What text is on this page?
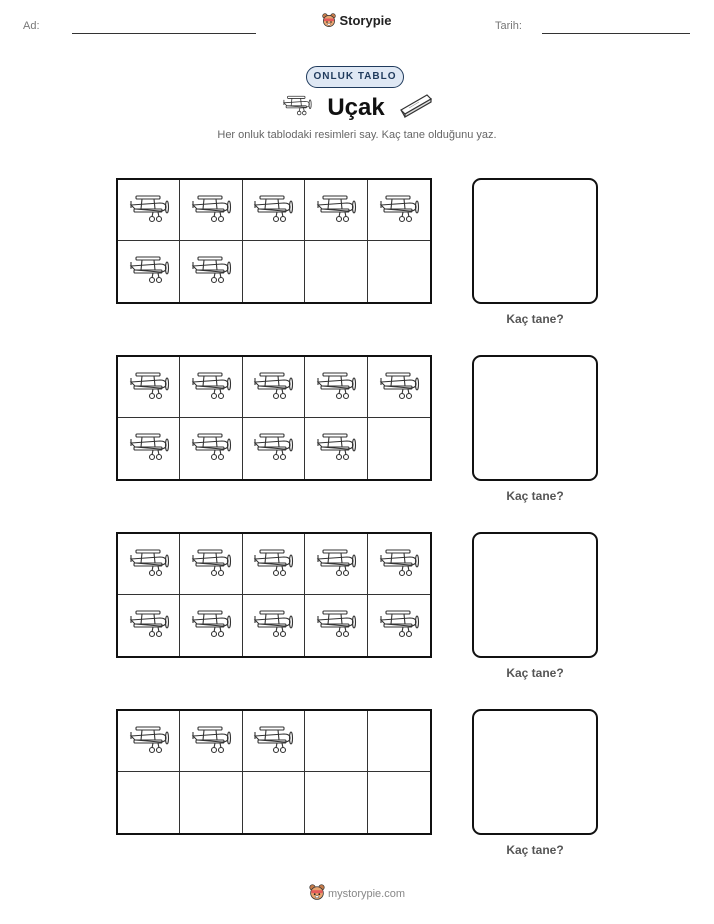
Ad:	Storypie	Tarih:
ONLUK TABLO
Uçak
Her onluk tablodaki resimleri say. Kaç tane olduğunu yaz.
Kaç tane?
Kaç tane?
Kaç tane?
Kaç tane?
mystorypie.com
